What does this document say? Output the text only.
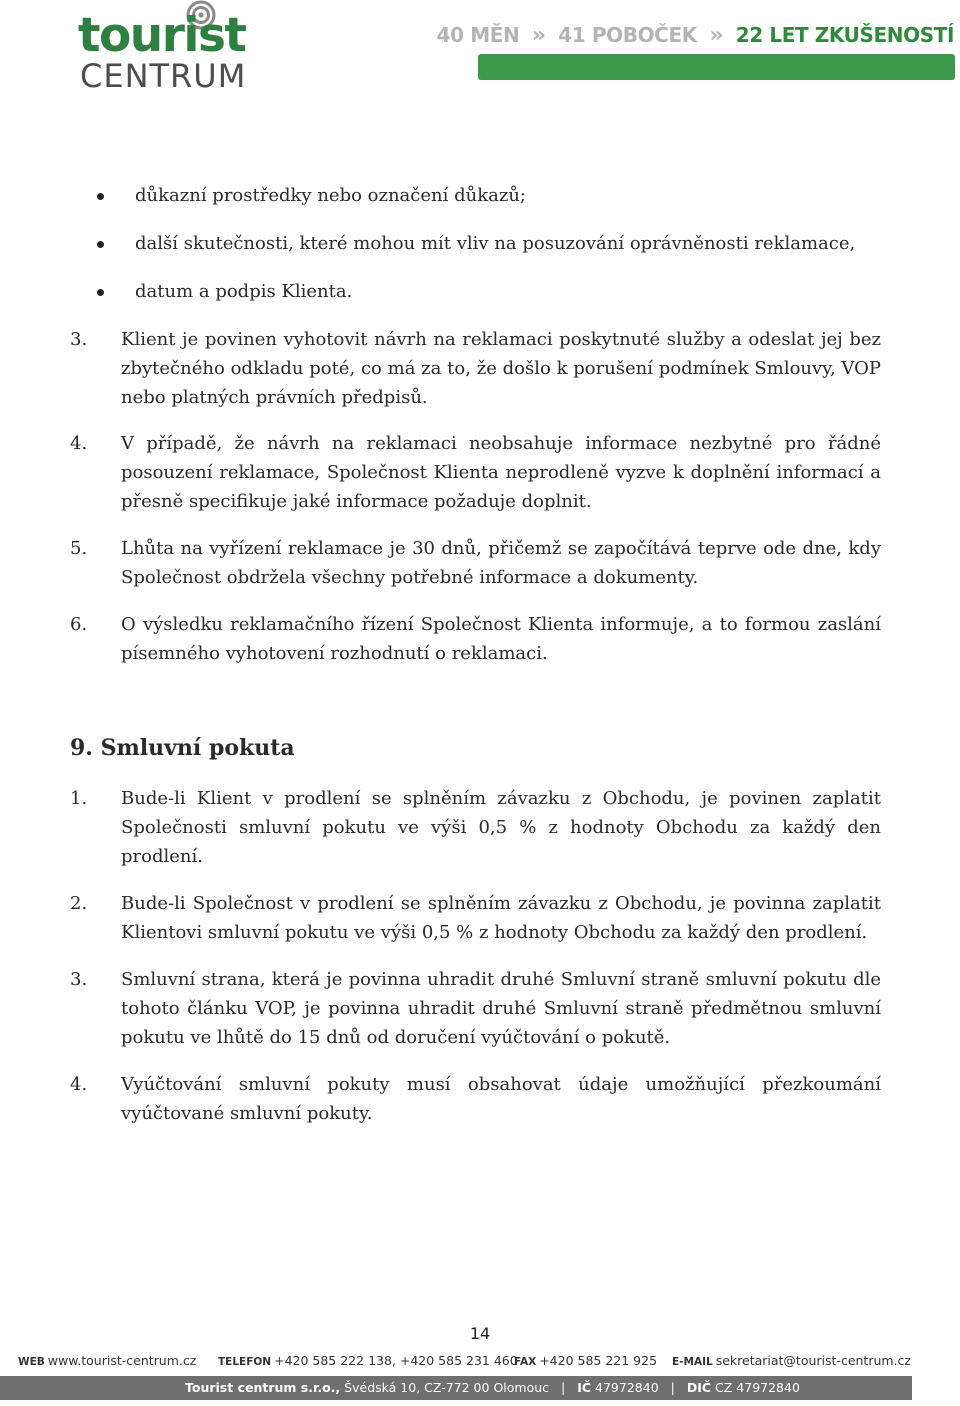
tourist
CENTRUM
40 MĚN » 41 POBOČEK » 22 LET ZKUŠENOSTÍ
důkazní prostředky nebo označení důkazů;
další skutečnosti, které mohou mít vliv na posuzování oprávněnosti reklamace,
datum a podpis Klienta.
3. Klient je povinen vyhotovit návrh na reklamaci poskytnuté služby a odeslat jej bez zbytečného odkladu poté, co má za to, že došlo k porušení podmínek Smlouvy, VOP nebo platných právních předpisů.
4. V případě, že návrh na reklamaci neobsahuje informace nezbytné pro řádné posouzení reklamace, Společnost Klienta neprodleně vyzve k doplnění informací a přesně specifikuje jaké informace požaduje doplnit.
5. Lhůta na vyřízení reklamace je 30 dnů, přičemž se započítává teprve ode dne, kdy Společnost obdržela všechny potřebné informace a dokumenty.
6. O výsledku reklamačního řízení Společnost Klienta informuje, a to formou zaslání písemného vyhotovení rozhodnutí o reklamaci.
9. Smluvní pokuta
1. Bude-li Klient v prodlení se splněním závazku z Obchodu, je povinen zaplatit Společnosti smluvní pokutu ve výši 0,5 % z hodnoty Obchodu za každý den prodlení.
2. Bude-li Společnost v prodlení se splněním závazku z Obchodu, je povinna zaplatit Klientovi smluvní pokutu ve výši 0,5 % z hodnoty Obchodu za každý den prodlení.
3. Smluvní strana, která je povinna uhradit druhé Smluvní straně smluvní pokutu dle tohoto článku VOP, je povinna uhradit druhé Smluvní straně předmětnou smluvní pokutu ve lhůtě do 15 dnů od doručení vyúčtování o pokutě.
4. Vyúčtování smluvní pokuty musí obsahovat údaje umožňující přezkoumání vyúčtované smluvní pokuty.
14
WEB www.tourist-centrum.cz TELEFON +420 585 222 138, +420 585 231 460
FAX +420 585 221 925 E-MAIL sekretariat@tourist-centrum.cz
Tourist centrum s.r.o., Švédská 10, CZ-772 00 Olomouc | IČ 47972840 | DIČ CZ 47972840
